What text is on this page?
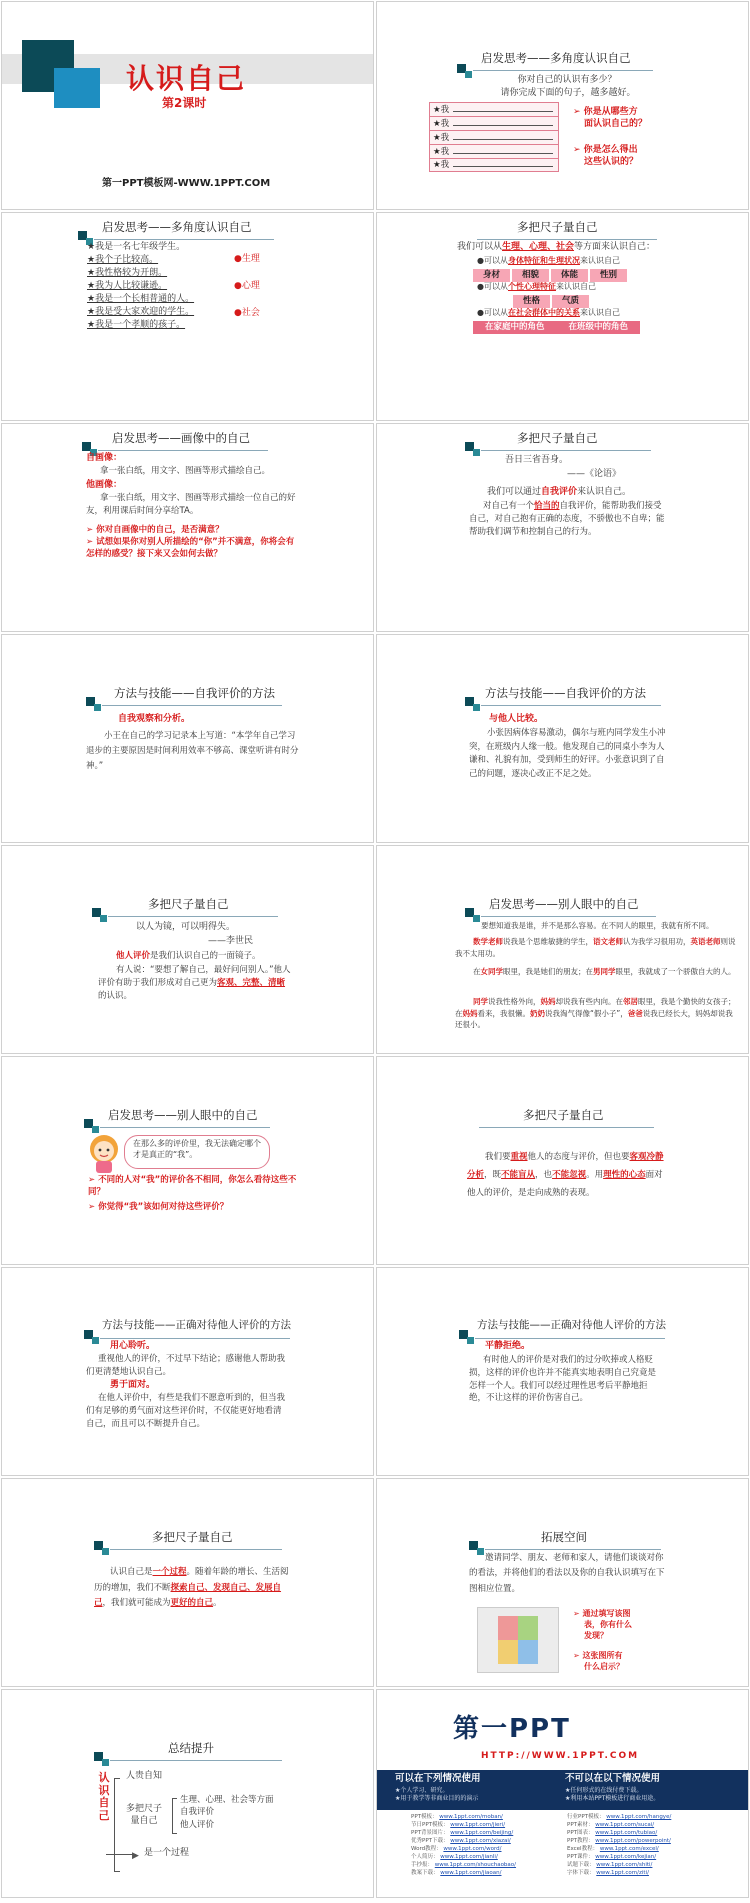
认识自己
第2课时
第一PPT模板网-WWW.1PPT.COM
启发思考——多角度认识自己
你对自己的认识有多少？
请你完成下面的句子，越多越好。
★我
★我
★我
★我
★我
➢ 你是从哪些方
面认识自己的？
➢ 你是怎么得出
这些认识的？
启发思考——多角度认识自己
★我是一名七年级学生。
★我个子比较高。
★我性格较为开朗。
★我为人比较谦逊。
★我是一个长相普通的人。
★我是受大家欢迎的学生。
★我是一个孝顺的孩子。
●生理
●心理
●社会
多把尺子量自己
我们可以从生理、心理、社会等方面来认识自己：
●可以从身体特征和生理状况来认识自己
身材	相貌	体能	性别
●可以从个性心理特征来认识自己
性格	气质
●可以从在社会群体中的关系来认识自己
在家庭中的角色	在班级中的角色
启发思考——画像中的自己
自画像：
拿一张白纸，用文字、图画等形式描绘自己。
他画像：
拿一张白纸，用文字、图画等形式描绘一位自己的好友，利用课后时间分享给TA。
➢ 你对自画像中的自己，是否满意？
➢ 试想如果你对别人所描绘的“你”并不满意，你将会有怎样的感受？接下来又会如何去做？
多把尺子量自己
吾日三省吾身。
——《论语》
我们可以通过自我评价来认识自己。
对自己有一个恰当的自我评价，能帮助我们接受自己，对自己抱有正确的态度，不骄傲也不自卑；能帮助我们调节和控制自己的行为。
方法与技能——自我评价的方法
自我观察和分析。
小王在自己的学习记录本上写道：“本学年自己学习退步的主要原因是时间利用效率不够高、课堂听讲有时分神。”
方法与技能——自我评价的方法
与他人比较。
小张因病体容易激动，偶尔与班内同学发生小冲突，在班级内人缘一般。他发现自己的同桌小李为人谦和、礼貌有加，受到师生的好评。小张意识到了自己的问题，逐决心改正不足之处。
多把尺子量自己
以人为镜，可以明得失。
——李世民
他人评价是我们认识自己的一面镜子。
有人说：“要想了解自己，最好问问别人。”他人评价有助于我们形成对自己更为客观、完整、清晰的认识。
启发思考——别人眼中的自己
要想知道我是谁，并不是那么容易。在不同人的眼里，我就有所不同。
数学老师说我是个思维敏捷的学生，语文老师认为我学习很用功，英语老师则说我不太用功。
在女同学眼里，我是她们的朋友；在男同学眼里，我就成了一个骄傲自大的人。
同学说我性格外向，妈妈却说我有些内向。在邻居眼里，我是个勤快的女孩子；在妈妈看来，我很懒。奶奶说我淘气得像“假小子”，爸爸说我已经长大，妈妈却说我还很小。
启发思考——别人眼中的自己
在那么多的评价里，我无法确定哪个才是真正的“我”。
➢ 不同的人对“我”的评价各不相同，你怎么看待这些不同？
➢ 你觉得“我”该如何对待这些评价？
多把尺子量自己
我们要重视他人的态度与评价，但也要客观冷静分析，既不能盲从，也不能忽视。用理性的心态面对他人的评价，是走向成熟的表现。
方法与技能——正确对待他人评价的方法
用心聆听。
重视他人的评价，不过早下结论；感谢他人帮助我们更清楚地认识自己。
勇于面对。
在他人评价中，有些是我们不愿意听到的，但当我们有足够的勇气面对这些评价时，不仅能更好地看清自己，而且可以不断提升自己。
方法与技能——正确对待他人评价的方法
平静拒绝。
有时他人的评价是对我们的过分吹捧或人格贬损，这样的评价也许并不能真实地表明自己究竟是怎样一个人。我们可以经过理性思考后平静地拒绝，不让这样的评价伤害自己。
多把尺子量自己
认识自己是一个过程。随着年龄的增长、生活阅历的增加，我们不断探索自己、发现自己、发展自己，我们就可能成为更好的自己。
拓展空间
邀请同学、朋友、老师和家人，请他们谈谈对你的看法，并将他们的看法以及你的自我认识填写在下图相应位置。
➢ 通过填写该图
表，你有什么
发现？
➢ 这张图所有
什么启示？
总结提升
认识自己
人贵自知
多把尺子
量自己
生理、心理、社会等方面
自我评价
他人评价
▶ 是一个过程
第一PPT
HTTP://WWW.1PPT.COM
可以在下列情况使用
★个人学习、研究。
★用于教学等非商业目的的演示
不可以在以下情况使用
★任何形式的在线付费下载。
★利用本站PPT模板进行商业用途。
PPT模板： www.1ppt.com/moban/
节日PPT模板： www.1ppt.com/jieri/
PPT背景图片： www.1ppt.com/beijing/
优秀PPT下载： www.1ppt.com/xiazai/
Word教程： www.1ppt.com/word/
个人简历： www.1ppt.com/jianli/
手抄报： www.1ppt.com/shouchaobao/
教案下载： www.1ppt.com/jiaoan/
行业PPT模板： www.1ppt.com/hangye/
PPT素材： www.1ppt.com/sucai/
PPT图表： www.1ppt.com/tubiao/
PPT教程： www.1ppt.com/powerpoint/
Excel教程： www.1ppt.com/excel/
PPT课件： www.1ppt.com/kejian/
试题下载： www.1ppt.com/shiti/
字体下载： www.1ppt.com/ziti/
